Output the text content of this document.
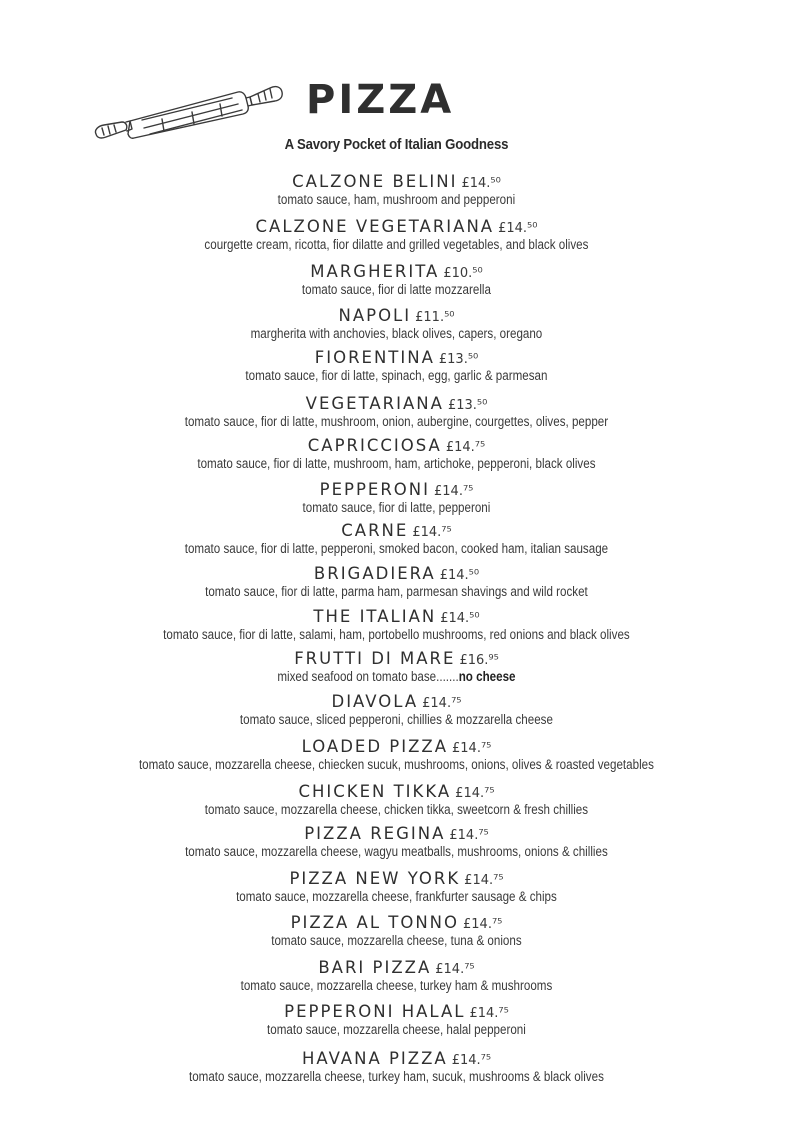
PIZZA
A Savory Pocket of Italian Goodness
CALZONE BELINI £14.⁵⁰
tomato sauce, ham, mushroom and pepperoni
CALZONE VEGETARIANA £14.⁵⁰
courgette cream, ricotta, fior dilatte and grilled vegetables, and black olives
MARGHERITA £10.⁵⁰
tomato sauce, fior di latte mozzarella
NAPOLI £11.⁵⁰
margherita with anchovies, black olives, capers, oregano
FIORENTINA £13.⁵⁰
tomato sauce, fior di latte, spinach, egg, garlic & parmesan
VEGETARIANA £13.⁵⁰
tomato sauce, fior di latte, mushroom, onion, aubergine, courgettes, olives, pepper
CAPRICCIOSA £14.⁷⁵
tomato sauce, fior di latte, mushroom, ham, artichoke, pepperoni, black olives
PEPPERONI £14.⁷⁵
tomato sauce, fior di latte, pepperoni
CARNE £14.⁷⁵
tomato sauce, fior di latte, pepperoni, smoked bacon, cooked ham, italian sausage
BRIGADIERA £14.⁵⁰
tomato sauce, fior di latte, parma ham, parmesan shavings and wild rocket
THE ITALIAN £14.⁵⁰
tomato sauce, fior di latte, salami, ham, portobello mushrooms, red onions and black olives
FRUTTI DI MARE £16.⁹⁵
mixed seafood on tomato base.......no cheese
DIAVOLA £14.⁷⁵
tomato sauce, sliced pepperoni, chillies & mozzarella cheese
LOADED PIZZA £14.⁷⁵
tomato sauce, mozzarella cheese, chiecken sucuk, mushrooms, onions, olives & roasted vegetables
CHICKEN TIKKA £14.⁷⁵
tomato sauce, mozzarella cheese, chicken tikka, sweetcorn & fresh chillies
PIZZA REGINA £14.⁷⁵
tomato sauce, mozzarella cheese, wagyu meatballs, mushrooms, onions & chillies
PIZZA NEW YORK £14.⁷⁵
tomato sauce, mozzarella cheese, frankfurter sausage & chips
PIZZA AL TONNO £14.⁷⁵
tomato sauce, mozzarella cheese, tuna & onions
BARI PIZZA £14.⁷⁵
tomato sauce, mozzarella cheese, turkey ham & mushrooms
PEPPERONI HALAL £14.⁷⁵
tomato sauce, mozzarella cheese, halal pepperoni
HAVANA PIZZA £14.⁷⁵
tomato sauce, mozzarella cheese, turkey ham, sucuk, mushrooms & black olives
